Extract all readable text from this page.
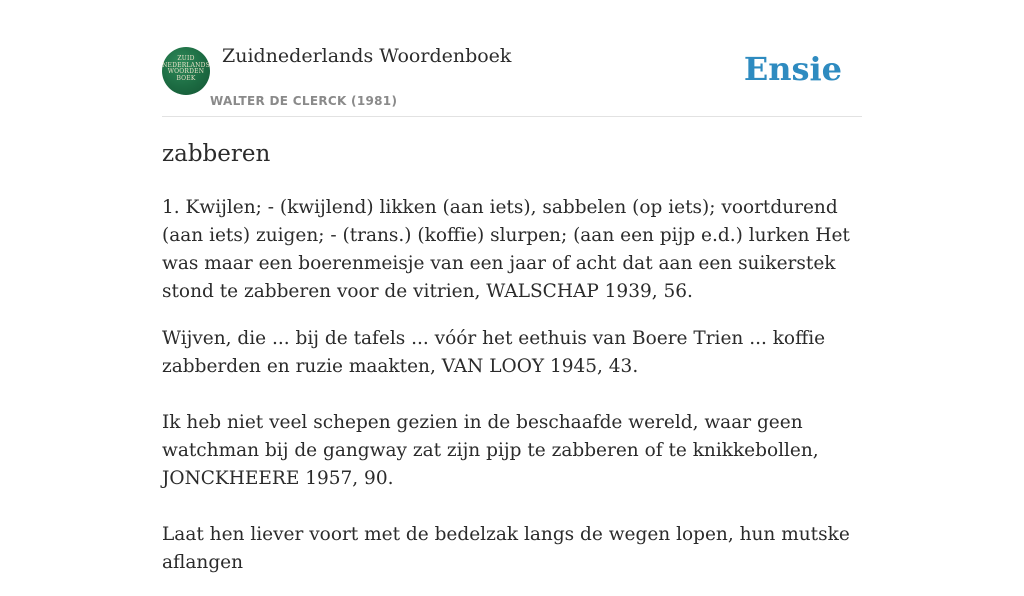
ZUID
NEDERLANDS
WOORDEN
BOEK
Zuidnederlands Woordenboek
WALTER DE CLERCK (1981)
Ensie
zabberen

1. Kwijlen; - (kwijlend) likken (aan iets), sabbelen (op iets); voortdurend (aan iets) zuigen; - (trans.) (koffie) slurpen; (aan een pijp e.d.) lurken Het was maar een boerenmeisje van een jaar of acht dat aan een suikerstek stond te zabberen voor de vitrien, WALSCHAP 1939, 56.

Wijven, die ... bij de tafels ... vóór het eethuis van Boere Trien ... koffie zabberden en ruzie maakten, VAN LOOY 1945, 43.

Ik heb niet veel schepen gezien in de beschaafde wereld, waar geen watchman bij de gangway zat zijn pijp te zabberen of te knikkebollen, JONCKHEERE 1957, 90.

Laat hen liever voort met de bedelzak langs de wegen lopen, hun mutske aflangen
